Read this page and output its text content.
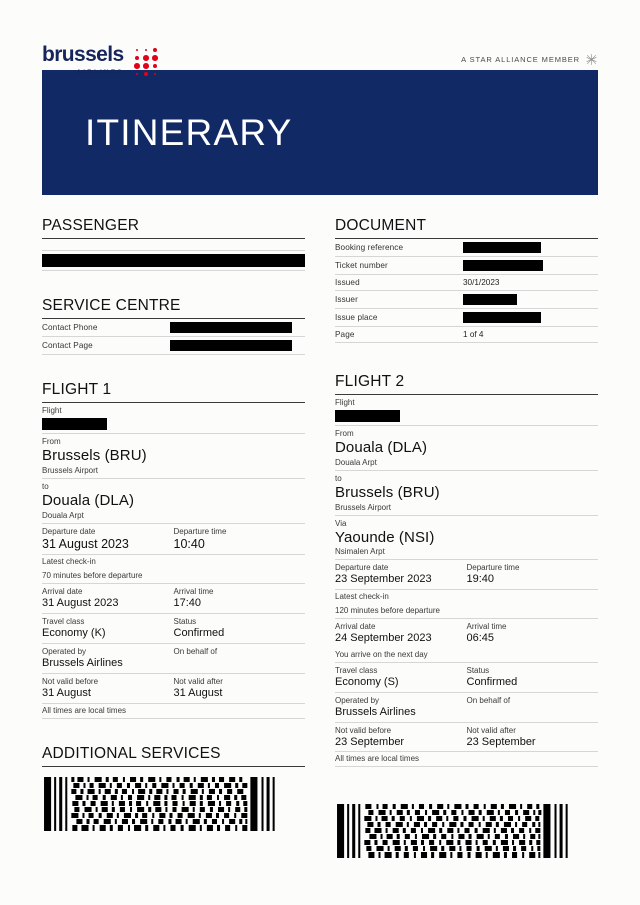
brussels
AIRLINES
A STAR ALLIANCE MEMBER
ITINERARY
PASSENGER
SERVICE CENTRE
Contact Phone
Contact Page
FLIGHT 1
Flight
From
Brussels (BRU)
Brussels Airport
to
Douala (DLA)
Douala Arpt
Departure date
31 August 2023
Departure time
10:40
Latest check-in
70 minutes before departure
Arrival date
31 August 2023
Arrival time
17:40
Travel class
Economy (K)
Status
Confirmed
Operated by
Brussels Airlines
On behalf of
Not valid before
31 August
Not valid after
31 August
All times are local times
ADDITIONAL SERVICES
DOCUMENT
Booking reference
Ticket number
Issued	30/1/2023
Issuer
Issue place
Page	1 of 4
FLIGHT 2
Flight
From
Douala (DLA)
Douala Arpt
to
Brussels (BRU)
Brussels Airport
Via
Yaounde (NSI)
Nsimalen Arpt
Departure date
23 September 2023
Departure time
19:40
Latest check-in
120 minutes before departure
Arrival date
24 September 2023
Arrival time
06:45
You arrive on the next day
Travel class
Economy (S)
Status
Confirmed
Operated by
Brussels Airlines
On behalf of
Not valid before
23 September
Not valid after
23 September
All times are local times
